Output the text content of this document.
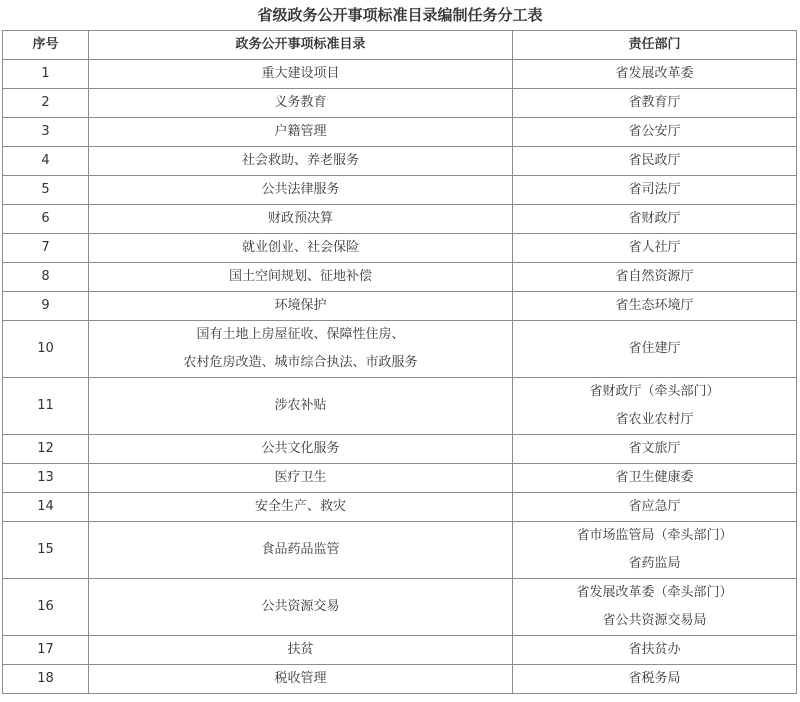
省级政务公开事项标准目录编制任务分工表
序号	政务公开事项标准目录	责任部门
1	重大建设项目	省发展改革委

2	义务教育	省教育厅

3	户籍管理	省公安厅

4	社会救助、养老服务	省民政厅

5	公共法律服务	省司法厅

6	财政预决算	省财政厅

7	就业创业、社会保险	省人社厅

8	国土空间规划、征地补偿	省自然资源厅

9	环境保护	省生态环境厅

10	国有土地上房屋征收、保障性住房、
农村危房改造、城市综合执法、市政服务	省住建厅

11	涉农补贴	省财政厅（牵头部门）
省农业农村厅

12	公共文化服务	省文旅厅

13	医疗卫生	省卫生健康委

14	安全生产、救灾	省应急厅

15	食品药品监管	省市场监管局（牵头部门）
省药监局

16	公共资源交易	省发展改革委（牵头部门）
省公共资源交易局

17	扶贫	省扶贫办

18	税收管理	省税务局
